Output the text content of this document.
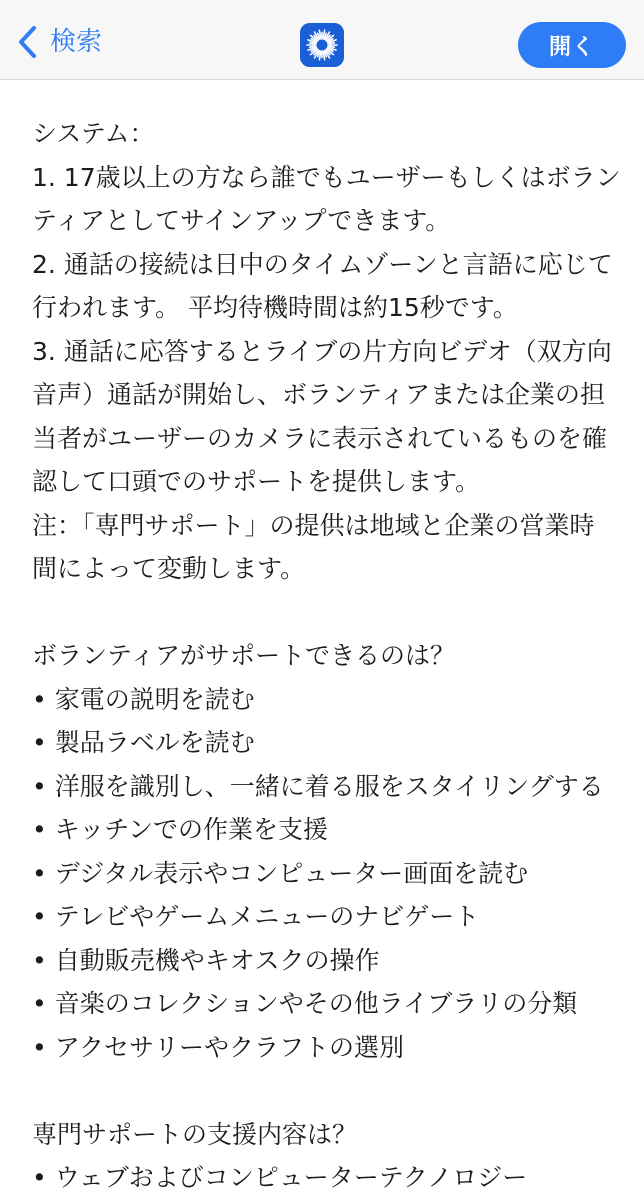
検索	開く

システム：

1. 17歳以上の方なら誰でもユーザーもしくはボラン

ティアとしてサインアップできます。

2. 通話の接続は日中のタイムゾーンと言語に応じて

行われます。 平均待機時間は約15秒です。

3. 通話に応答するとライブの片方向ビデオ（双方向

音声）通話が開始し、ボランティアまたは企業の担

当者がユーザーのカメラに表示されているものを確

認して口頭でのサポートを提供します。

注：「専門サポート」の提供は地域と企業の営業時

間によって変動します。

ボランティアがサポートできるのは？

• 家電の説明を読む

• 製品ラベルを読む

• 洋服を識別し、一緒に着る服をスタイリングする

• キッチンでの作業を支援

• デジタル表示やコンピューター画面を読む

• テレビやゲームメニューのナビゲート

• 自動販売機やキオスクの操作

• 音楽のコレクションやその他ライブラリの分類

• アクセサリーやクラフトの選別

専門サポートの支援内容は？

• ウェブおよびコンピューターテクノロジー
